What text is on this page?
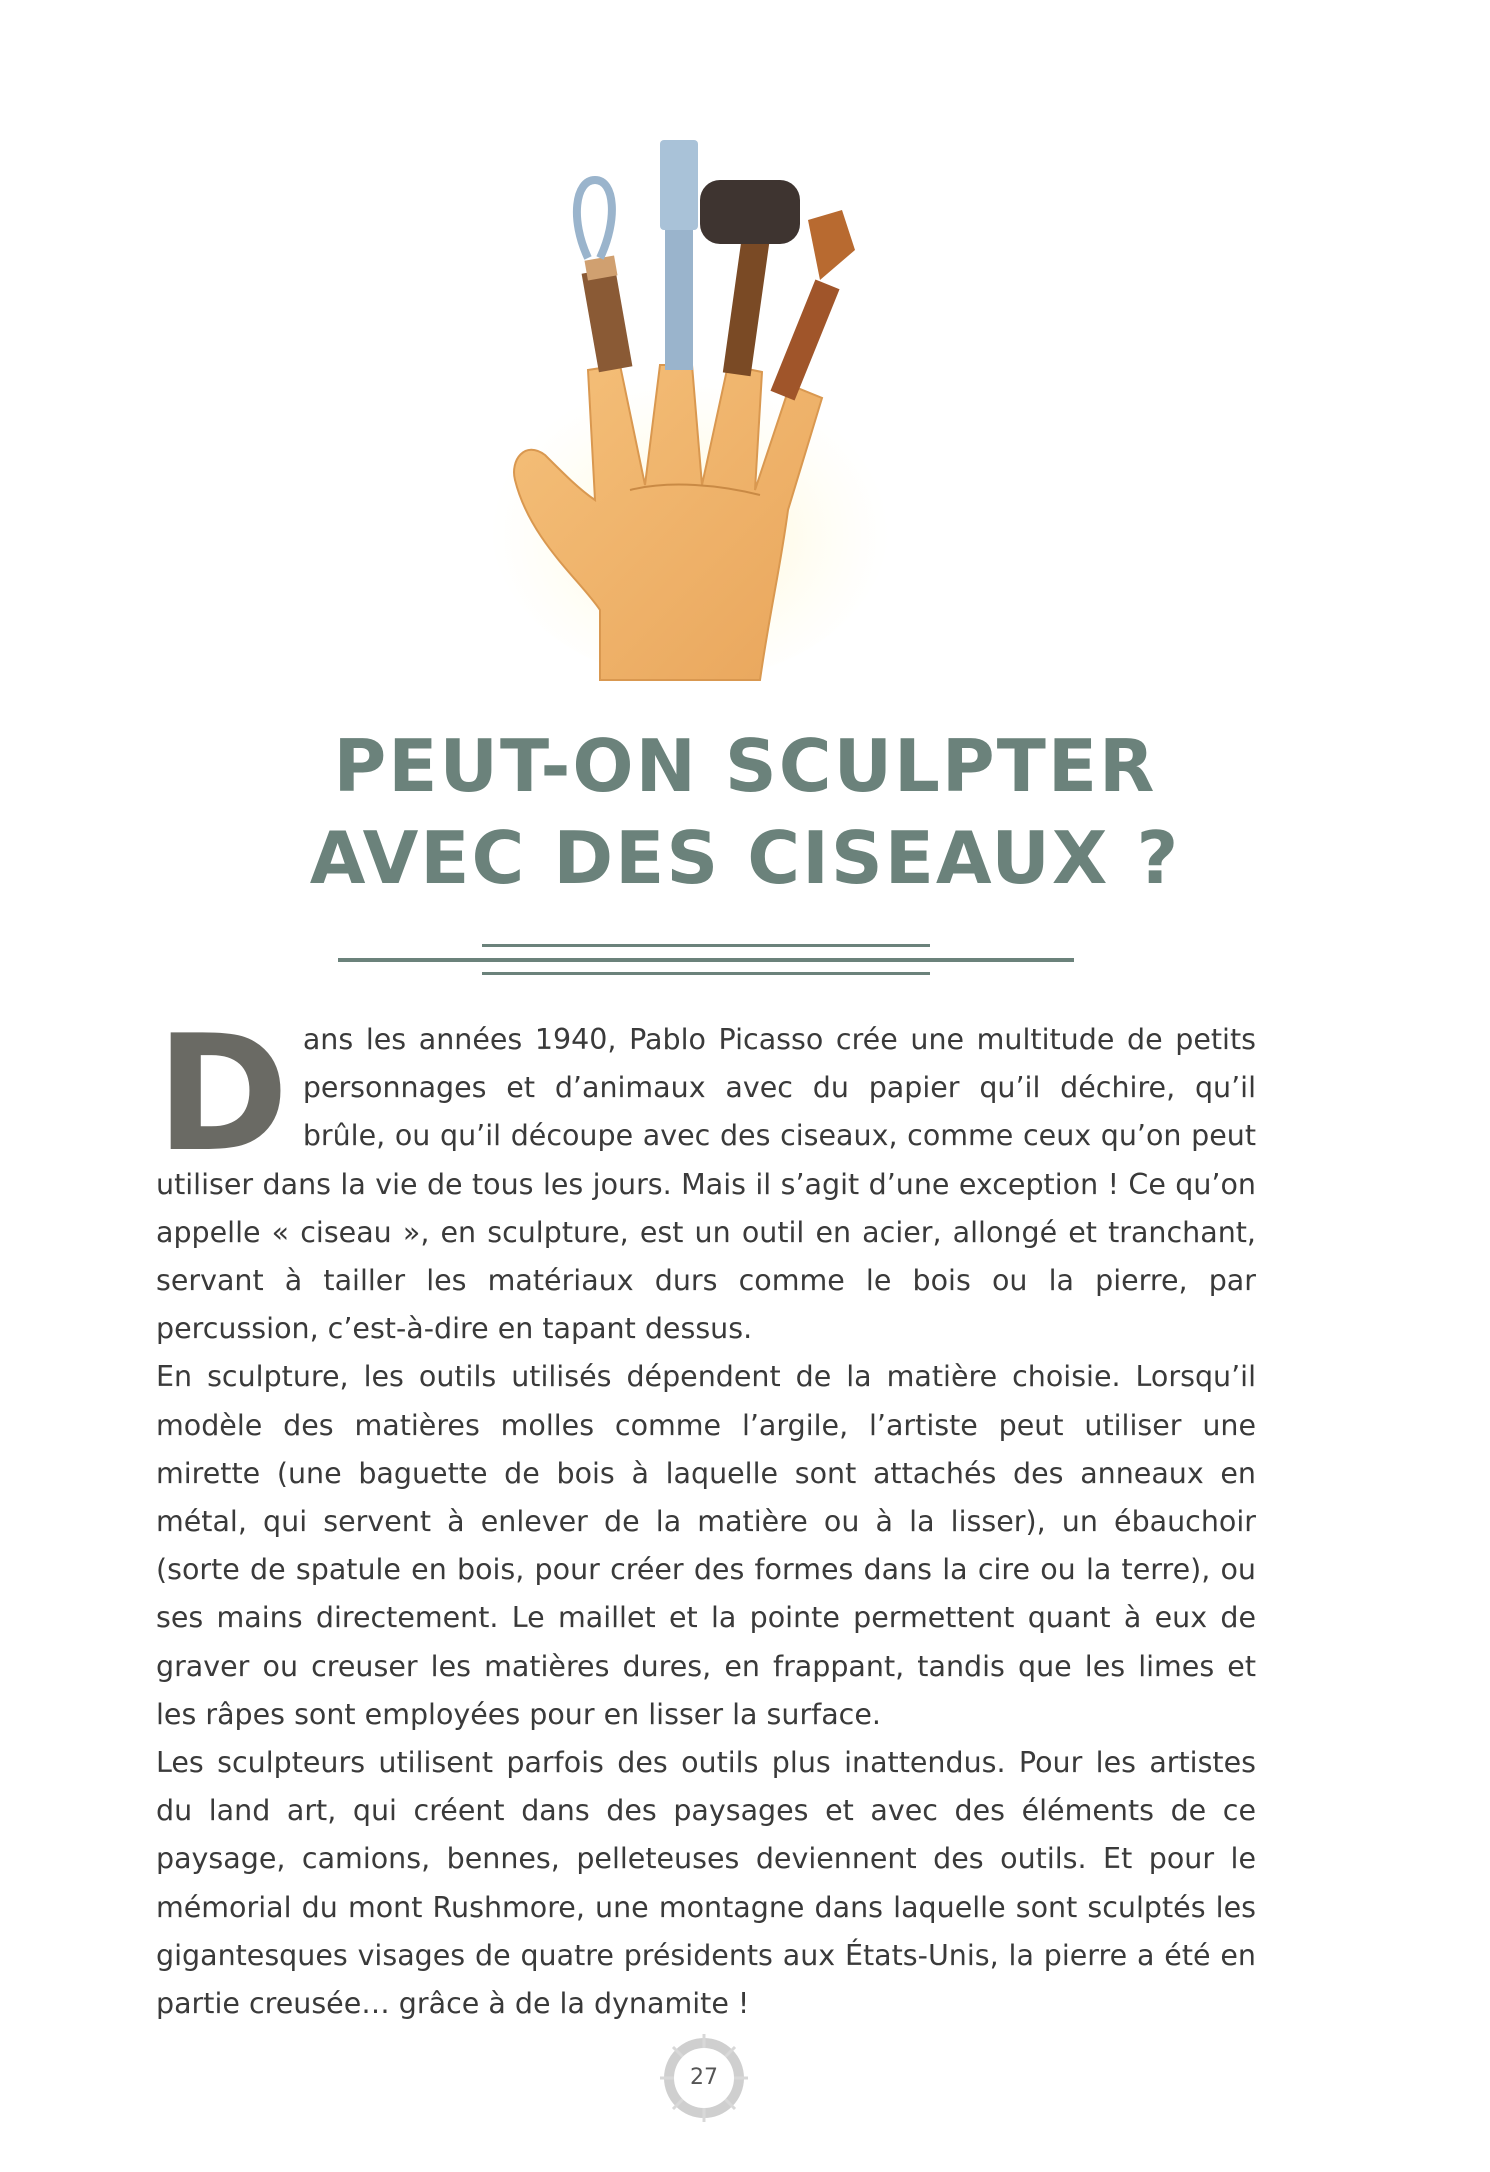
PEUT-ON SCULPTER
AVEC DES CISEAUX ?

Dans les années 1940, Pablo Picasso crée une multitude de petits personnages et d’animaux avec du papier qu’il déchire, qu’il brûle, ou qu’il découpe avec des ciseaux, comme ceux qu’on peut utiliser dans la vie de tous les jours. Mais il s’agit d’une exception ! Ce qu’on appelle « ciseau », en sculpture, est un outil en acier, allongé et tranchant, servant à tailler les matériaux durs comme le bois ou la pierre, par percussion, c’est-à-dire en tapant dessus.

En sculpture, les outils utilisés dépendent de la matière choisie. Lorsqu’il modèle des matières molles comme l’argile, l’artiste peut utiliser une mirette (une baguette de bois à laquelle sont attachés des anneaux en métal, qui servent à enlever de la matière ou à la lisser), un ébauchoir (sorte de spatule en bois, pour créer des formes dans la cire ou la terre), ou ses mains directement. Le maillet et la pointe permettent quant à eux de graver ou creuser les matières dures, en frappant, tandis que les limes et les râpes sont employées pour en lisser la surface.

Les sculpteurs utilisent parfois des outils plus inattendus. Pour les artistes du land art, qui créent dans des paysages et avec des éléments de ce paysage, camions, bennes, pelleteuses deviennent des outils. Et pour le mémorial du mont Rushmore, une montagne dans laquelle sont sculptés les gigantesques visages de quatre présidents aux États-Unis, la pierre a été en partie creusée… grâce à de la dynamite !

27
